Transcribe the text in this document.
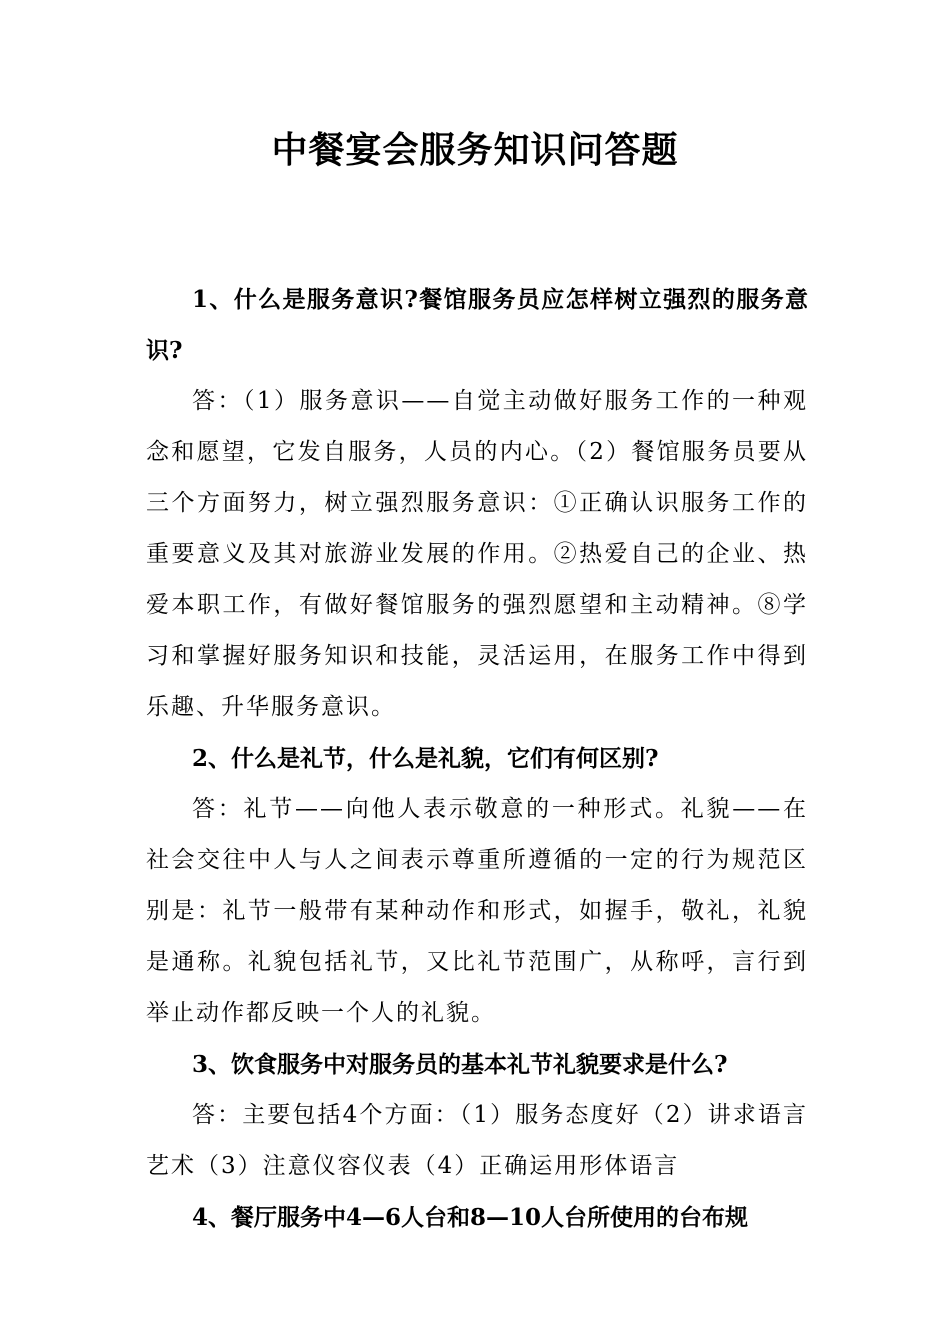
中餐宴会服务知识问答题

1、什么是服务意识?餐馆服务员应怎样树立强烈的服务意识?

答：（1）服务意识——自觉主动做好服务工作的一种观念和愿望，它发自服务，人员的内心。（2）餐馆服务员要从三个方面努力，树立强烈服务意识：①正确认识服务工作的重要意义及其对旅游业发展的作用。②热爱自己的企业、热爱本职工作，有做好餐馆服务的强烈愿望和主动精神。⑧学习和掌握好服务知识和技能，灵活运用，在服务工作中得到乐趣、升华服务意识。

2、什么是礼节，什么是礼貌，它们有何区别?

答：礼节——向他人表示敬意的一种形式。礼貌——在社会交往中人与人之间表示尊重所遵循的一定的行为规范区别是：礼节一般带有某种动作和形式，如握手，敬礼，礼貌是通称。礼貌包括礼节，又比礼节范围广，从称呼，言行到举止动作都反映一个人的礼貌。

3、饮食服务中对服务员的基本礼节礼貌要求是什么?

答：主要包括4个方面：（1）服务态度好（2）讲求语言艺术（3）注意仪容仪表（4）正确运用形体语言

4、餐厅服务中4—6人台和8—10人台所使用的台布规
